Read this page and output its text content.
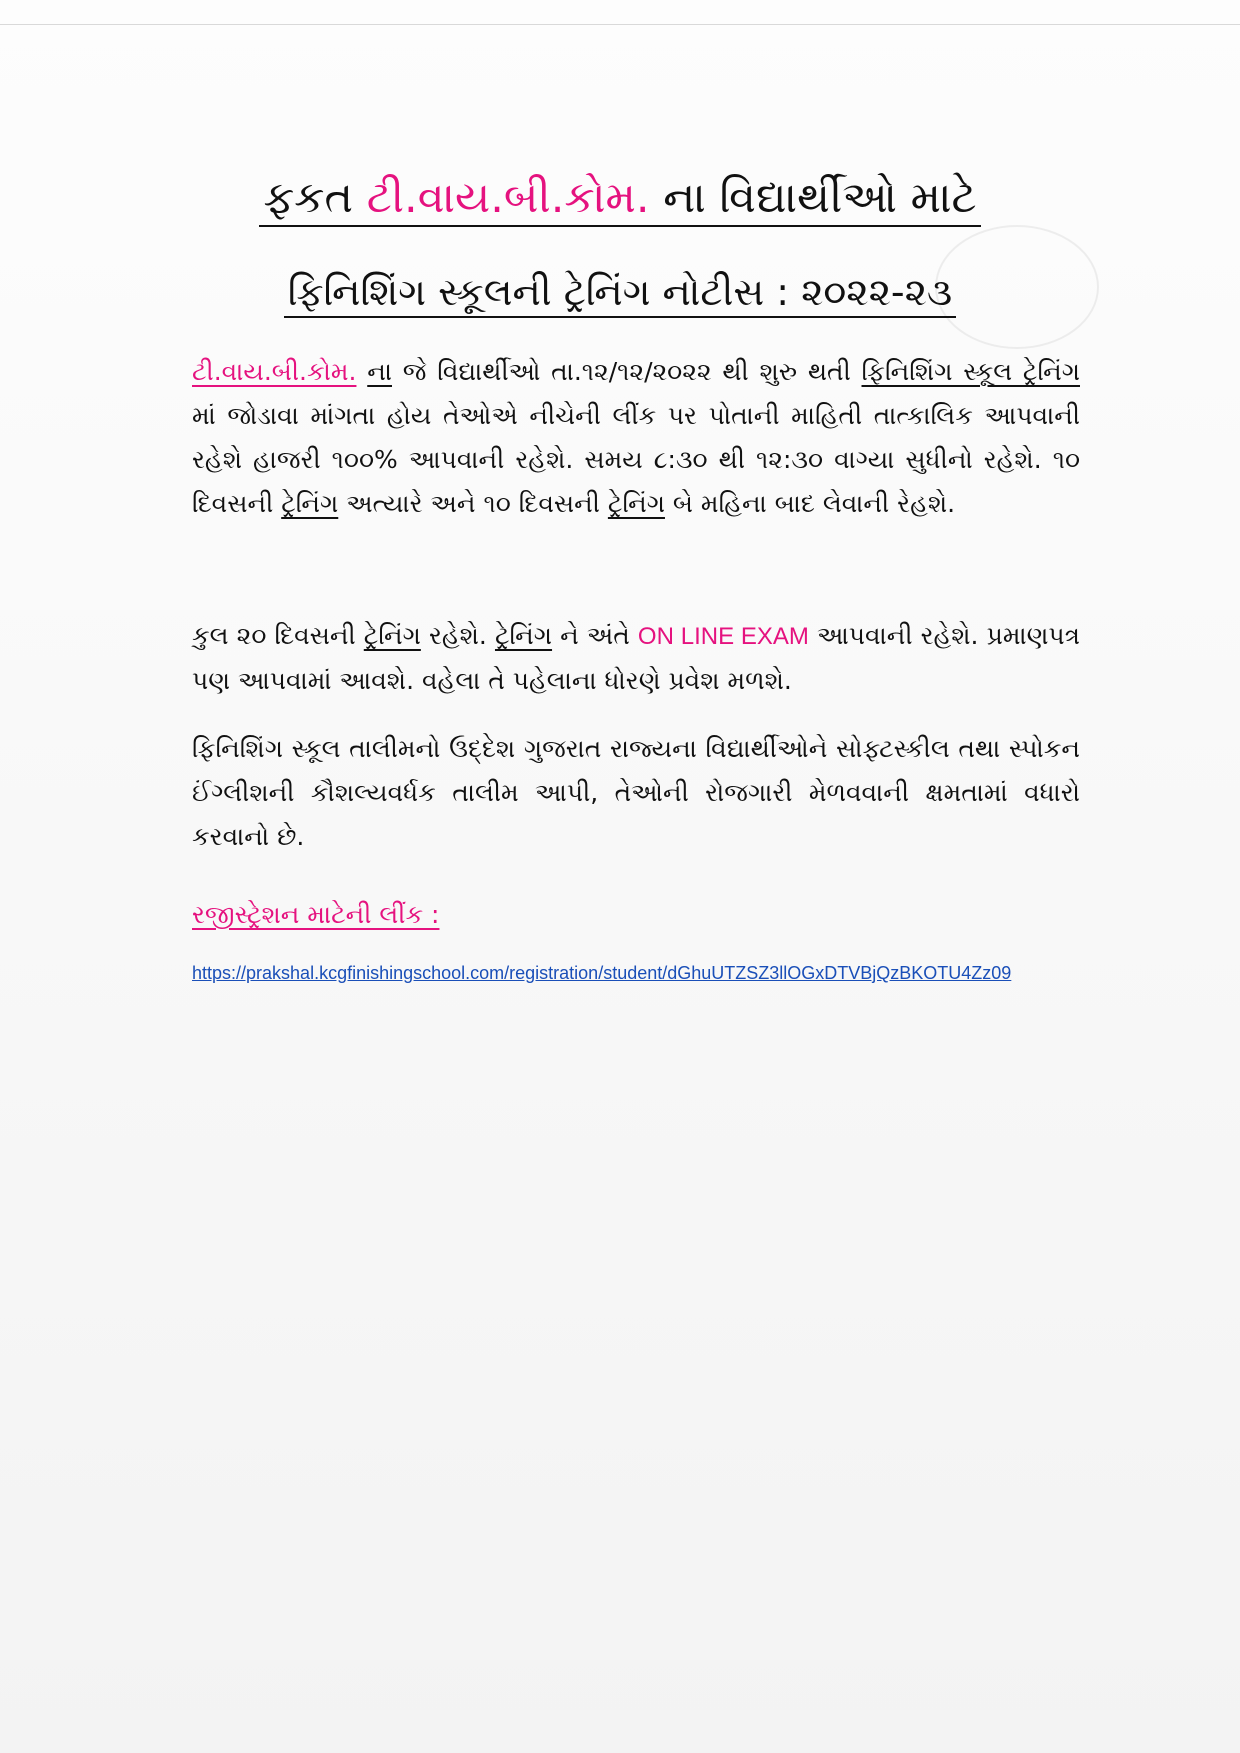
ફકત ટી.વાય.બી.કોમ. ના વિદ્યાર્થીઓ માટે
ફિનિશિંગ સ્કૂલની ટ્રેનિંગ નોટીસ : ૨૦૨૨-૨૩

ટી.વાય.બી.કોમ. ના જે વિદ્યાર્થીઓ તા.૧૨/૧૨/૨૦૨૨ થી શુરુ થતી ફિનિશિંગ સ્કૂલ ટ્રેનિંગ માં જોડાવા માંગતા હોય તેઓએ નીચેની લીંક પર પોતાની માહિતી તાત્કાલિક આપવાની રહેશે હાજરી ૧૦૦% આપવાની રહેશે. સમય ૮:૩૦ થી ૧૨:૩૦ વાગ્યા સુધીનો રહેશે. ૧૦ દિવસની ટ્રેનિંગ અત્યારે અને ૧૦ દિવસની ટ્રેનિંગ બે મહિના બાદ લેવાની રેહશે.

કુલ ૨૦ દિવસની ટ્રેનિંગ રહેશે. ટ્રેનિંગ ને અંતે ON LINE EXAM આપવાની રહેશે. પ્રમાણપત્ર પણ આપવામાં આવશે. વહેલા તે પહેલાના ધોરણે પ્રવેશ મળશે.

ફિનિશિંગ સ્કૂલ તાલીમનો ઉદ્દેશ ગુજરાત રાજ્યના વિદ્યાર્થીઓને સોફ્ટસ્કીલ તથા સ્પોકન ઈંગ્લીશની કૌશલ્યવર્ધક તાલીમ આપી, તેઓની રોજગારી મેળવવાની ક્ષમતામાં વધારો કરવાનો છે.

રજીસ્ટ્રેશન માટેની લીંક :
https://prakshal.kcgfinishingschool.com/registration/student/dGhuUTZSZ3llOGxDTVBjQzBKOTU4Zz09
